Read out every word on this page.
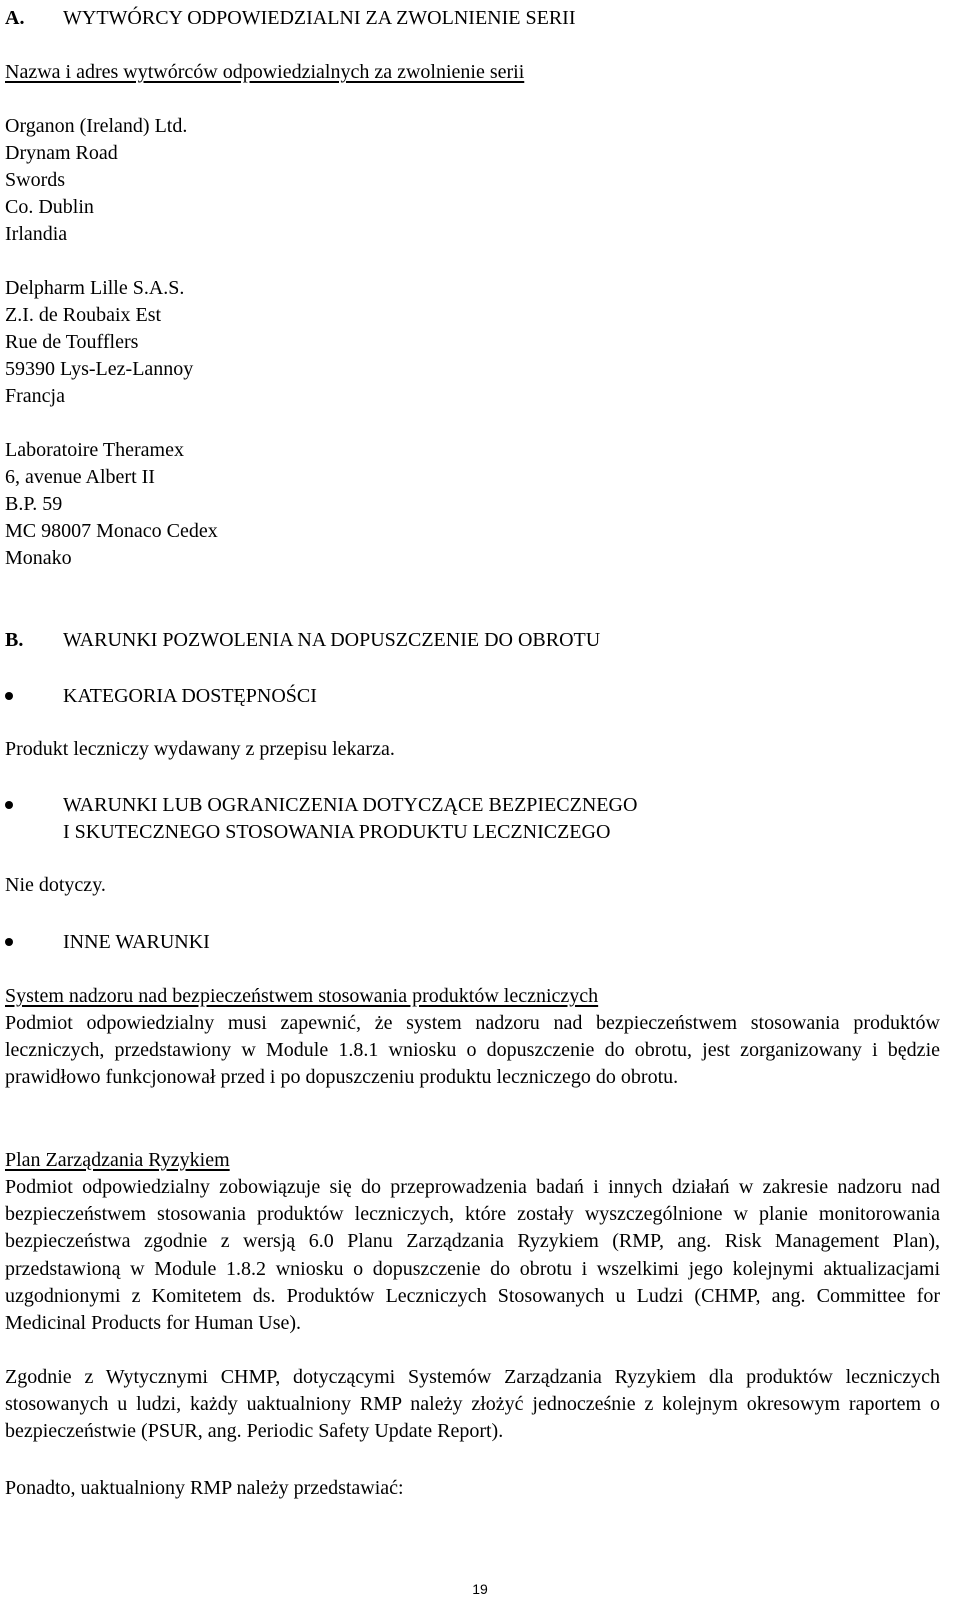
A. WYTWÓRCY ODPOWIEDZIALNI ZA ZWOLNIENIE SERII
Nazwa i adres wytwórców odpowiedzialnych za zwolnienie serii
Organon (Ireland) Ltd.
Drynam Road
Swords
Co. Dublin
Irlandia
Delpharm Lille S.A.S.
Z.I. de Roubaix Est
Rue de Toufflers
59390 Lys-Lez-Lannoy
Francja
Laboratoire Theramex
6, avenue Albert II
B.P. 59
MC 98007 Monaco Cedex
Monako
B. WARUNKI POZWOLENIA NA DOPUSZCZENIE DO OBROTU
KATEGORIA DOSTĘPNOŚCI
Produkt leczniczy wydawany z przepisu lekarza.
WARUNKI LUB OGRANICZENIA DOTYCZĄCE BEZPIECZNEGO
I SKUTECZNEGO STOSOWANIA PRODUKTU LECZNICZEGO
Nie dotyczy.
INNE WARUNKI
System nadzoru nad bezpieczeństwem stosowania produktów leczniczych
Podmiot odpowiedzialny musi zapewnić, że system nadzoru nad bezpieczeństwem stosowania produktów leczniczych, przedstawiony w Module 1.8.1 wniosku o dopuszczenie do obrotu, jest zorganizowany i będzie prawidłowo funkcjonował przed i po dopuszczeniu produktu leczniczego do obrotu.
Plan Zarządzania Ryzykiem
Podmiot odpowiedzialny zobowiązuje się do przeprowadzenia badań i innych działań w zakresie nadzoru nad bezpieczeństwem stosowania produktów leczniczych, które zostały wyszczególnione w planie monitorowania bezpieczeństwa zgodnie z wersją 6.0 Planu Zarządzania Ryzykiem (RMP, ang. Risk Management Plan), przedstawioną w Module 1.8.2 wniosku o dopuszczenie do obrotu i wszelkimi jego kolejnymi aktualizacjami uzgodnionymi z Komitetem ds. Produktów Leczniczych Stosowanych u Ludzi (CHMP, ang. Committee for Medicinal Products for Human Use).
Zgodnie z Wytycznymi CHMP, dotyczącymi Systemów Zarządzania Ryzykiem dla produktów leczniczych stosowanych u ludzi, każdy uaktualniony RMP należy złożyć jednocześnie z kolejnym okresowym raportem o bezpieczeństwie (PSUR, ang. Periodic Safety Update Report).
Ponadto, uaktualniony RMP należy przedstawiać:
19
